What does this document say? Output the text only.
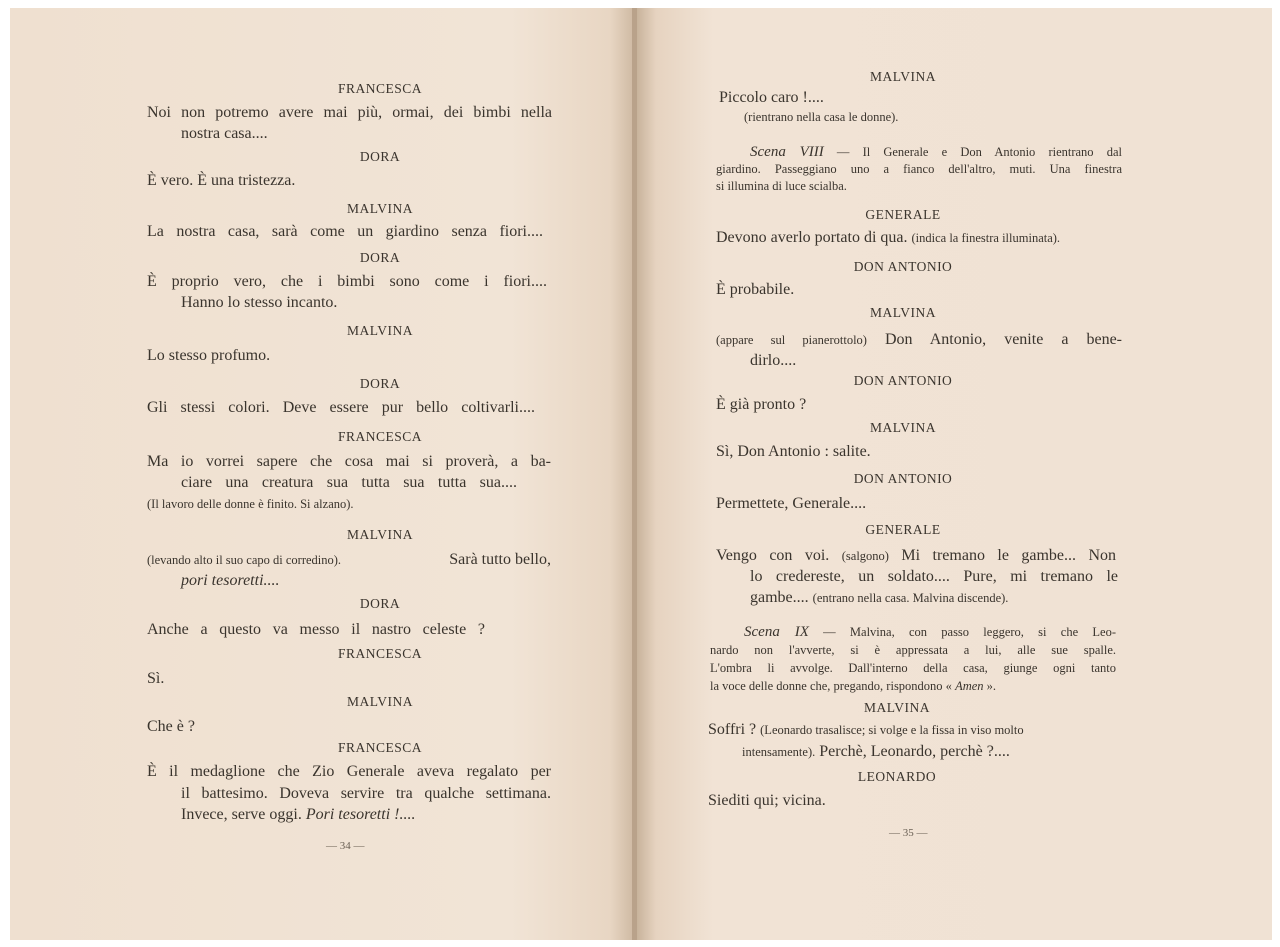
FRANCESCA
Noi non potremo avere mai più, ormai, dei bimbi nella
nostra casa....
DORA
È vero. È una tristezza.
MALVINA
La nostra casa, sarà come un giardino senza fiori....
DORA
È proprio vero, che i bimbi sono come i fiori....
Hanno lo stesso incanto.
MALVINA
Lo stesso profumo.
DORA
Gli stessi colori. Deve essere pur bello coltivarli....
FRANCESCA
Ma io vorrei sapere che cosa mai si proverà, a ba-
ciare una creatura sua tutta sua tutta sua....
(Il lavoro delle donne è finito. Si alzano).
MALVINA
(levando alto il suo capo di corredino).	Sarà tutto bello,
pori tesoretti....
DORA
Anche a questo va messo il nastro celeste ?
FRANCESCA
Sì.
MALVINA
Che è ?
FRANCESCA
È il medaglione che Zio Generale aveva regalato per
il battesimo. Doveva servire tra qualche settimana.
Invece, serve oggi. Pori tesoretti !....
— 34 —
MALVINA
Piccolo caro !....
(rientrano nella casa le donne).
Scena VIII — Il Generale e Don Antonio rientrano dal
giardino. Passeggiano uno a fianco dell'altro, muti. Una finestra
si illumina di luce scialba.
GENERALE
Devono averlo portato di qua. (indica la finestra illuminata).
DON ANTONIO
È probabile.
MALVINA
(appare sul pianerottolo) Don Antonio, venite a bene-
dirlo....
DON ANTONIO
È già pronto ?
MALVINA
Sì, Don Antonio : salite.
DON ANTONIO
Permettete, Generale....
GENERALE
Vengo con voi. (salgono) Mi tremano le gambe... Non
lo credereste, un soldato.... Pure, mi tremano le
gambe.... (entrano nella casa. Malvina discende).
Scena IX — Malvina, con passo leggero, si che Leo-
nardo non l'avverte, si è appressata a lui, alle sue spalle.
L'ombra li avvolge. Dall'interno della casa, giunge ogni tanto
la voce delle donne che, pregando, rispondono « Amen ».
MALVINA
Soffri ? (Leonardo trasalisce; si volge e la fissa in viso molto
intensamente). Perchè, Leonardo, perchè ?....
LEONARDO
Siediti qui; vicina.
— 35 —
